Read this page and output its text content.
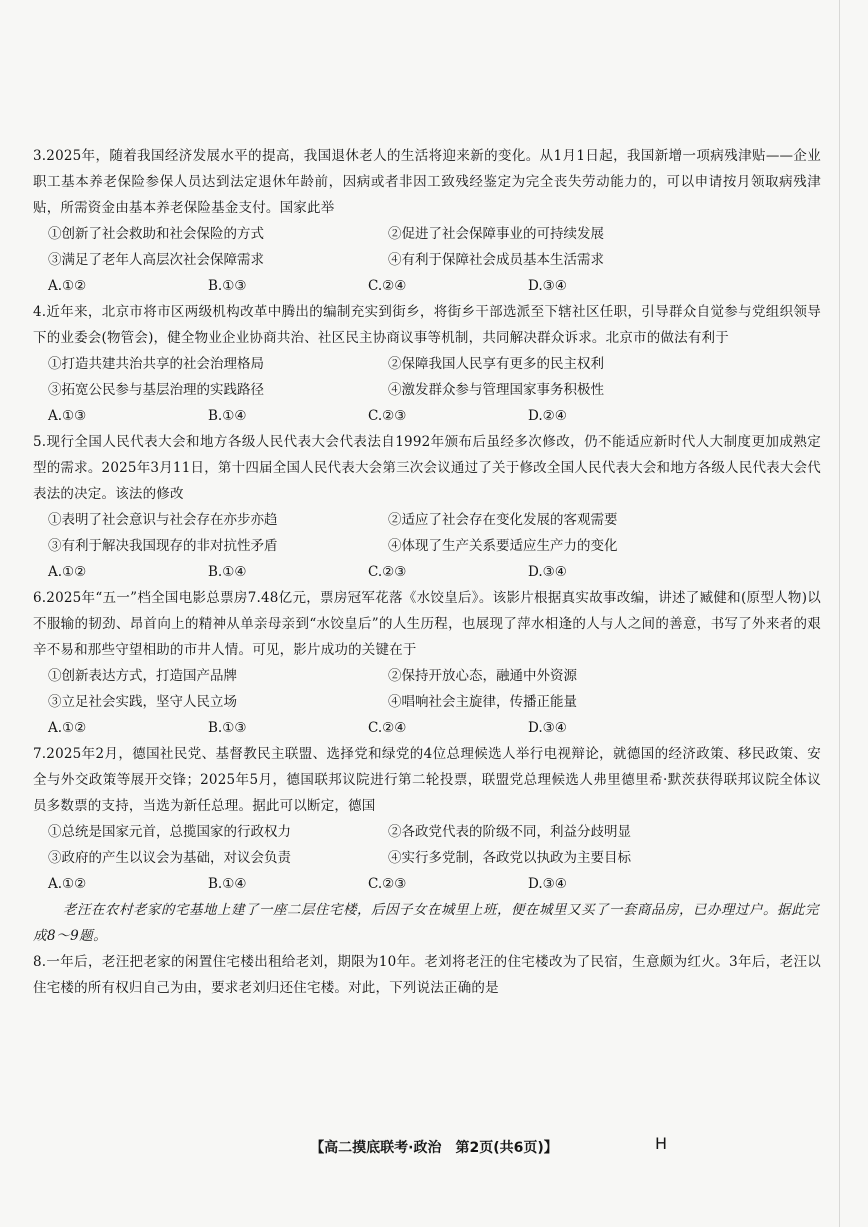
3.2025年，随着我国经济发展水平的提高，我国退休老人的生活将迎来新的变化。从1月1日起，我国新增一项病残津贴——企业职工基本养老保险参保人员达到法定退休年龄前，因病或者非因工致残经鉴定为完全丧失劳动能力的，可以申请按月领取病残津贴，所需资金由基本养老保险基金支付。国家此举
①创新了社会救助和社会保险的方式	②促进了社会保障事业的可持续发展
③满足了老年人高层次社会保障需求	④有利于保障社会成员基本生活需求
A.①②	B.①③	C.②④	D.③④
4.近年来，北京市将市区两级机构改革中腾出的编制充实到街乡，将街乡干部选派至下辖社区任职，引导群众自觉参与党组织领导下的业委会(物管会)，健全物业企业协商共治、社区民主协商议事等机制，共同解决群众诉求。北京市的做法有利于
①打造共建共治共享的社会治理格局	②保障我国人民享有更多的民主权利
③拓宽公民参与基层治理的实践路径	④激发群众参与管理国家事务积极性
A.①③	B.①④	C.②③	D.②④
5.现行全国人民代表大会和地方各级人民代表大会代表法自1992年颁布后虽经多次修改，仍不能适应新时代人大制度更加成熟定型的需求。2025年3月11日，第十四届全国人民代表大会第三次会议通过了关于修改全国人民代表大会和地方各级人民代表大会代表法的决定。该法的修改
①表明了社会意识与社会存在亦步亦趋	②适应了社会存在变化发展的客观需要
③有利于解决我国现存的非对抗性矛盾	④体现了生产关系要适应生产力的变化
A.①②	B.①④	C.②③	D.③④
6.2025年“五一”档全国电影总票房7.48亿元，票房冠军花落《水饺皇后》。该影片根据真实故事改编，讲述了臧健和(原型人物)以不服输的韧劲、昂首向上的精神从单亲母亲到“水饺皇后”的人生历程，也展现了萍水相逢的人与人之间的善意，书写了外来者的艰辛不易和那些守望相助的市井人情。可见，影片成功的关键在于
①创新表达方式，打造国产品牌	②保持开放心态，融通中外资源
③立足社会实践，坚守人民立场	④唱响社会主旋律，传播正能量
A.①②	B.①③	C.②④	D.③④
7.2025年2月，德国社民党、基督教民主联盟、选择党和绿党的4位总理候选人举行电视辩论，就德国的经济政策、移民政策、安全与外交政策等展开交锋；2025年5月，德国联邦议院进行第二轮投票，联盟党总理候选人弗里德里希·默茨获得联邦议院全体议员多数票的支持，当选为新任总理。据此可以断定，德国
①总统是国家元首，总揽国家的行政权力	②各政党代表的阶级不同，利益分歧明显
③政府的产生以议会为基础，对议会负责	④实行多党制，各政党以执政为主要目标
A.①②	B.①④	C.②③	D.③④
老汪在农村老家的宅基地上建了一座二层住宅楼，后因子女在城里上班，便在城里又买了一套商品房，已办理过户。据此完成8～9题。
8.一年后，老汪把老家的闲置住宅楼出租给老刘，期限为10年。老刘将老汪的住宅楼改为了民宿，生意颇为红火。3年后，老汪以住宅楼的所有权归自己为由，要求老刘归还住宅楼。对此，下列说法正确的是
【高二摸底联考·政治　第2页(共6页)】	H
